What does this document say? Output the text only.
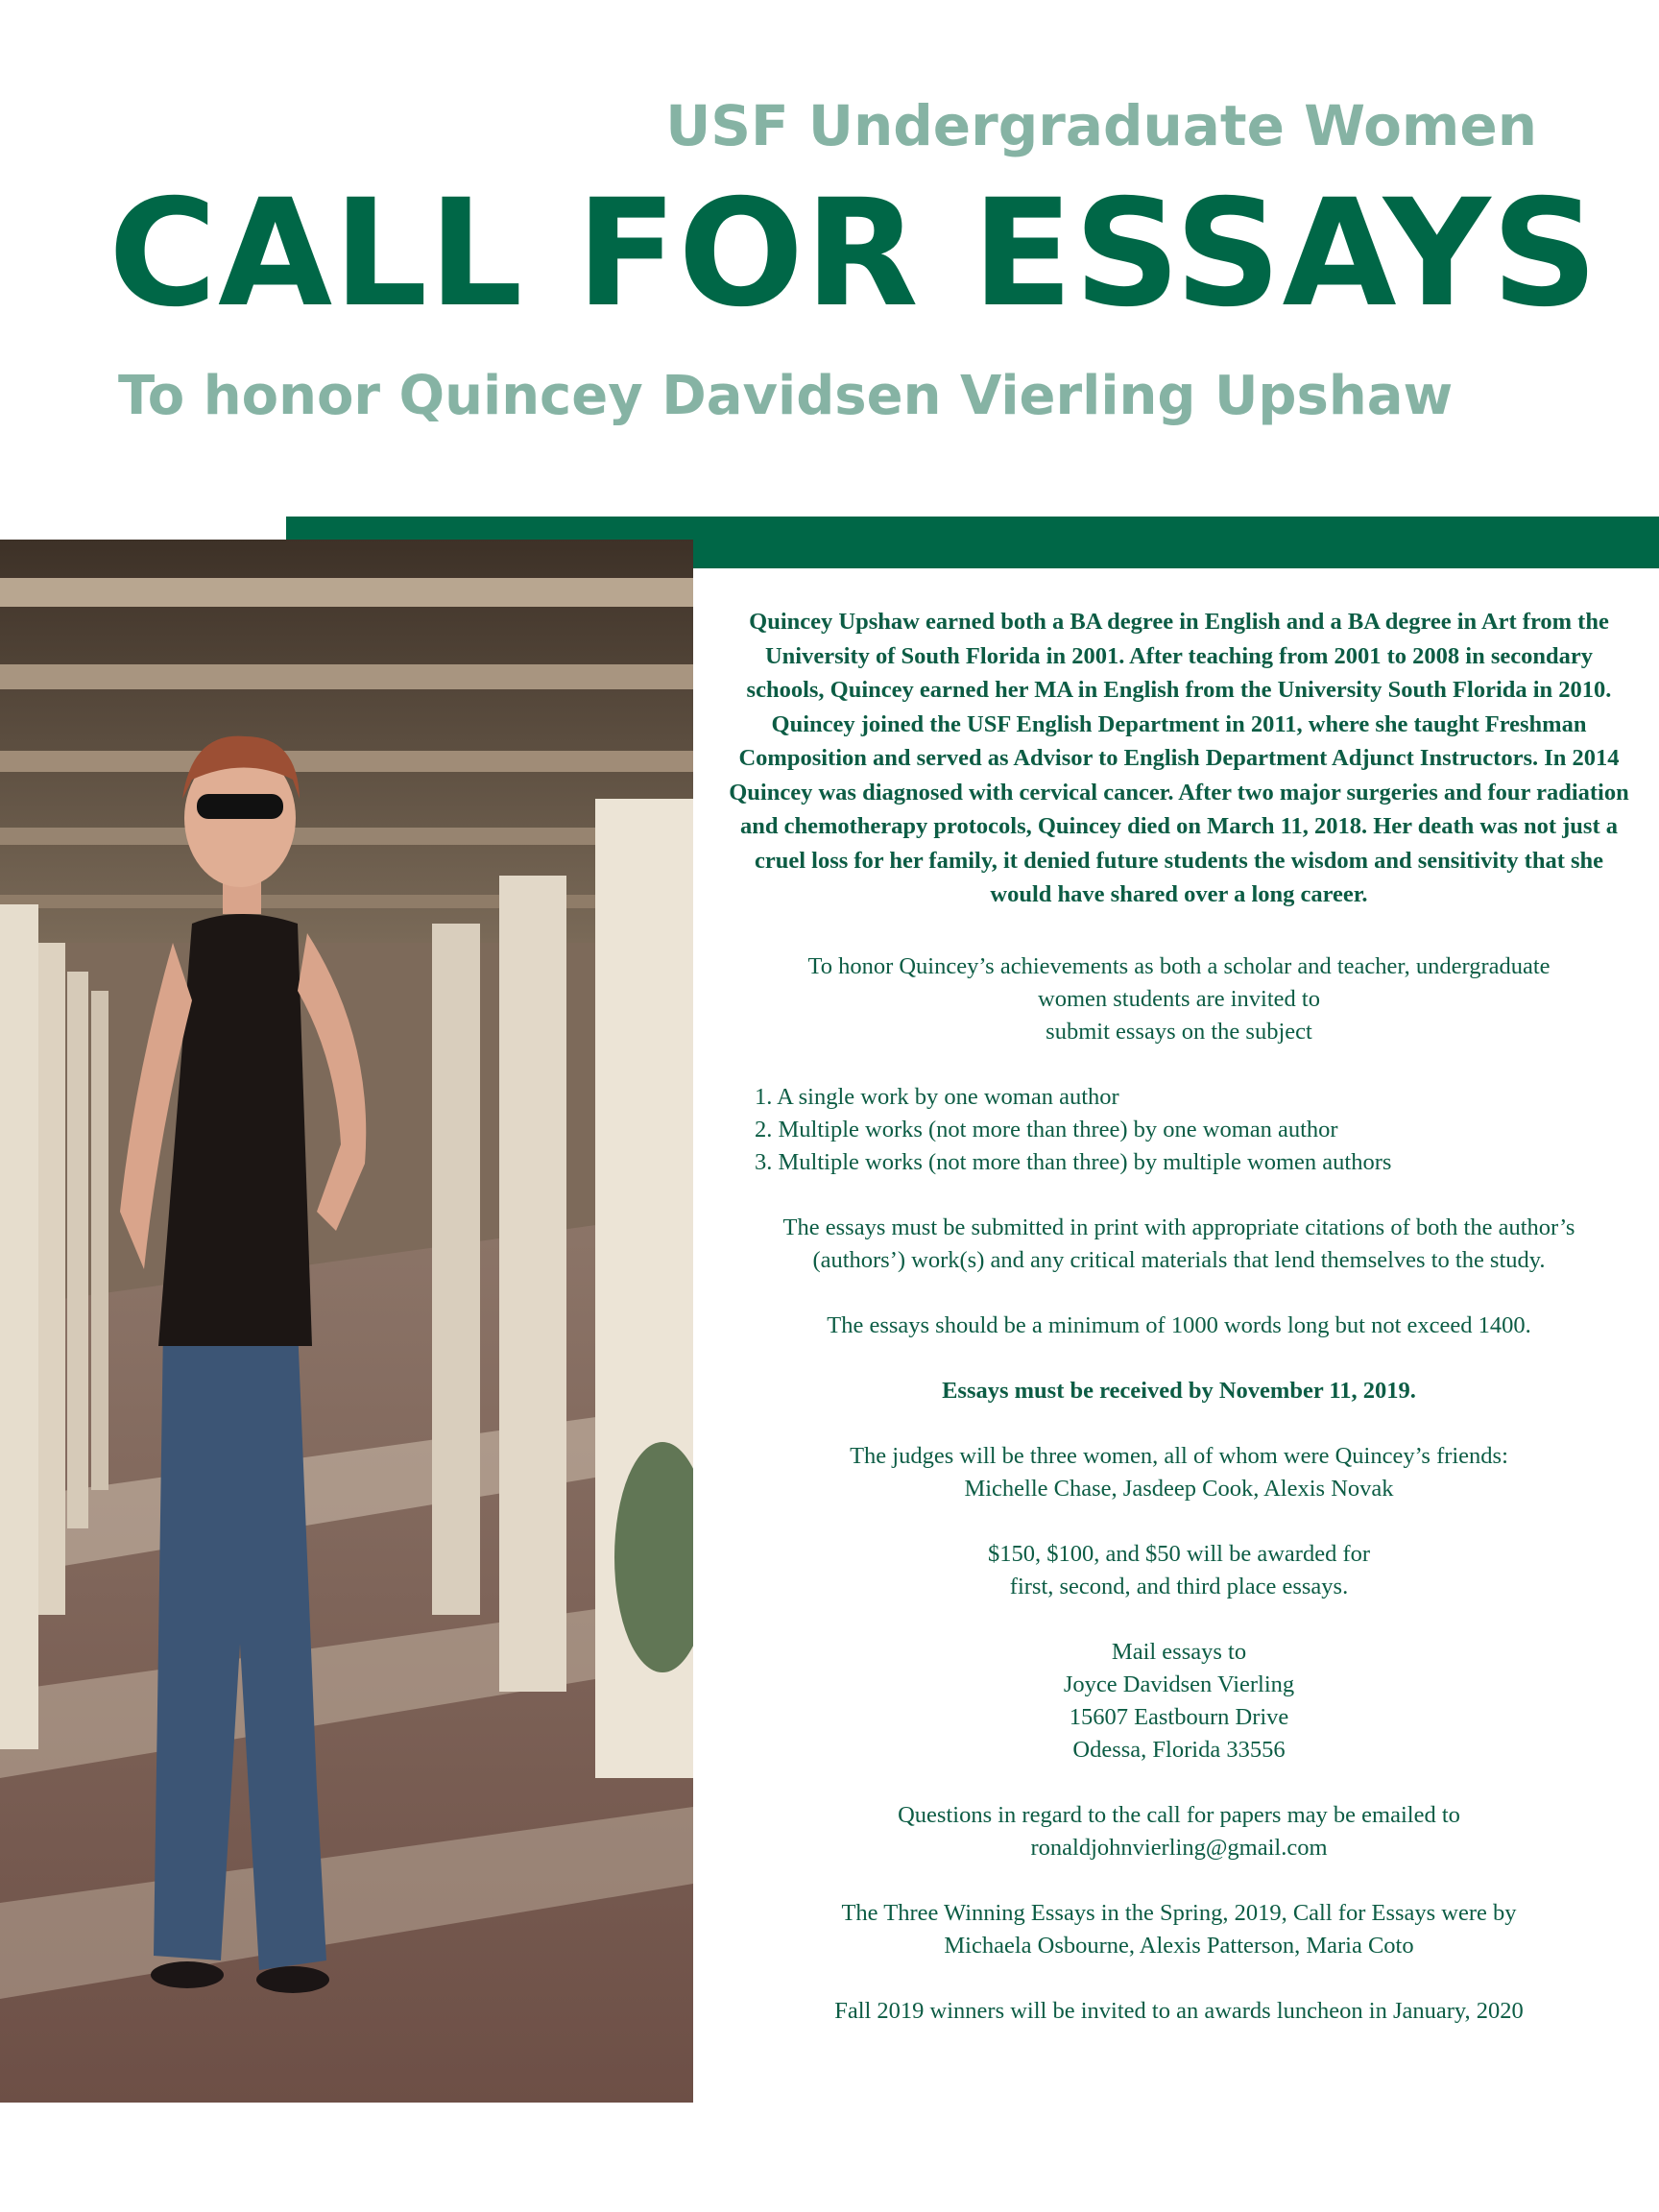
USF Undergraduate Women
CALL FOR ESSAYS
To honor Quincey Davidsen Vierling Upshaw

Quincey Upshaw earned both a BA degree in English and a BA degree in Art from the University of South Florida in 2001. After teaching from 2001 to 2008 in secondary schools, Quincey earned her MA in English from the University South Florida in 2010. Quincey joined the USF English Department in 2011, where she taught Freshman Composition and served as Advisor to English Department Adjunct Instructors. In 2014 Quincey was diagnosed with cervical cancer. After two major surgeries and four radiation and chemotherapy protocols, Quincey died on March 11, 2018. Her death was not just a cruel loss for her family, it denied future students the wisdom and sensitivity that she would have shared over a long career.

To honor Quincey’s achievements as both a scholar and teacher, undergraduate

women students are invited to

submit essays on the subject

1. A single work by one woman author
2. Multiple works (not more than three) by one woman author
3. Multiple works (not more than three) by multiple women authors

The essays must be submitted in print with appropriate citations of both the author’s (authors’) work(s) and any critical materials that lend themselves to the study.

The essays should be a minimum of 1000 words long but not exceed 1400.

Essays must be received by November 11, 2019.

The judges will be three women, all of whom were Quincey’s friends:

Michelle Chase, Jasdeep Cook, Alexis Novak

$150, $100, and $50 will be awarded for

first, second, and third place essays.

Mail essays to

Joyce Davidsen Vierling

15607 Eastbourn Drive

Odessa, Florida 33556

Questions in regard to the call for papers may be emailed to

ronaldjohnvierling@gmail.com

The Three Winning Essays in the Spring, 2019, Call for Essays were by

Michaela Osbourne, Alexis Patterson, Maria Coto

Fall 2019 winners will be invited to an awards luncheon in January, 2020
